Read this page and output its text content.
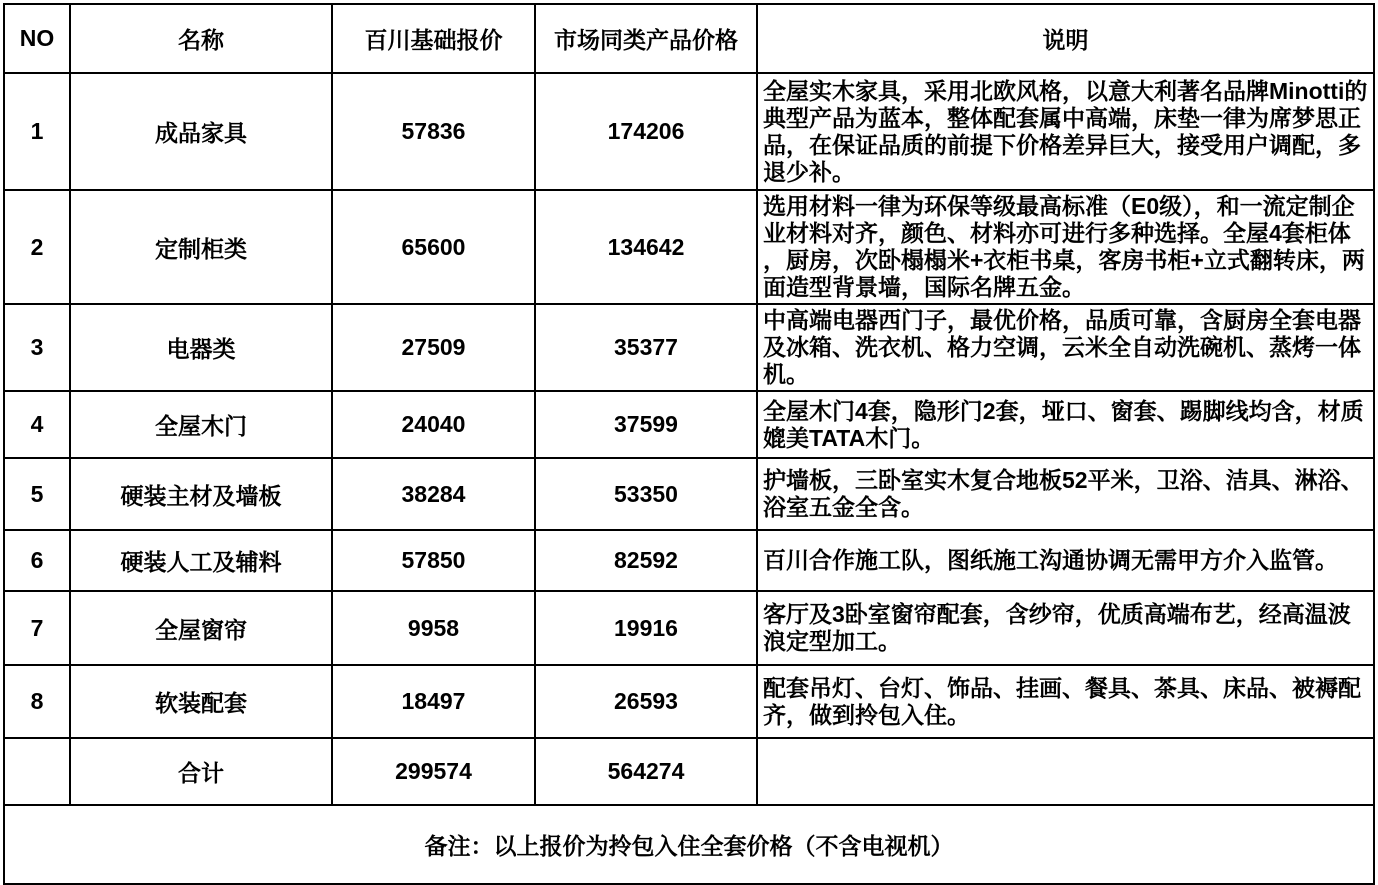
NO	名称	百川基础报价	市场同类产品价格	说明
1	成品家具	57836	174206	全屋实木家具，采用北欧风格，以意大利著名品牌Minotti的典型产品为蓝本，整体配套属中高端，床垫一律为席梦思正品，在保证品质的前提下价格差异巨大，接受用户调配，多退少补。
2	定制柜类	65600	134642	选用材料一律为环保等级最高标准（E0级），和一流定制企业材料对齐，颜色、材料亦可进行多种选择。全屋4套柜体，厨房，次卧榻榻米+衣柜书桌，客房书柜+立式翻转床，两面造型背景墙，国际名牌五金。
3	电器类	27509	35377	中高端电器西门子，最优价格，品质可靠，含厨房全套电器及冰箱、洗衣机、格力空调，云米全自动洗碗机、蒸烤一体机。
4	全屋木门	24040	37599	全屋木门4套，隐形门2套，垭口、窗套、踢脚线均含，材质媲美TATA木门。
5	硬装主材及墙板	38284	53350	护墙板，三卧室实木复合地板52平米，卫浴、洁具、淋浴、浴室五金全含。
6	硬装人工及辅料	57850	82592	百川合作施工队，图纸施工沟通协调无需甲方介入监管。
7	全屋窗帘	9958	19916	客厅及3卧室窗帘配套，含纱帘，优质高端布艺，经高温波浪定型加工。
8	软装配套	18497	26593	配套吊灯、台灯、饰品、挂画、餐具、茶具、床品、被褥配齐，做到拎包入住。
	合计	299574	564274	
备注：以上报价为拎包入住全套价格（不含电视机）				
